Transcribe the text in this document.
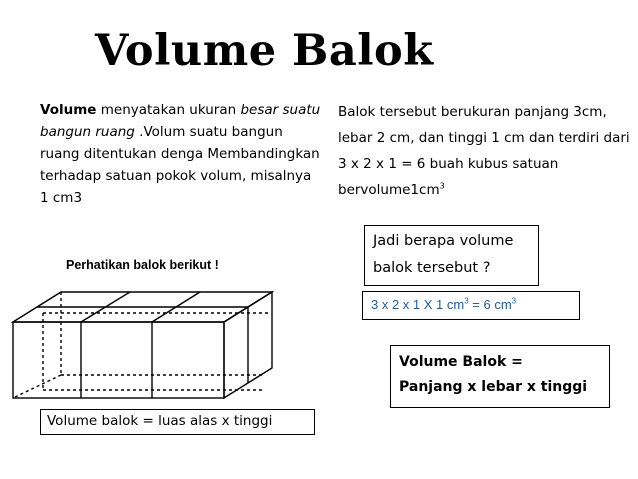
Volume Balok
Volume menyatakan ukuran besar suatu bangun ruang .Volum suatu bangun ruang ditentukan denga Membandingkan terhadap satuan pokok volum, misalnya 1 cm3
Balok tersebut berukuran panjang 3cm, lebar 2 cm, dan tinggi 1 cm dan terdiri dari 3 x 2 x 1 = 6 buah kubus satuan $bervolume1cm^3$
Jadi berapa volume
balok tersebut ?
3 x 2 x 1 X 1 $cm^3 = 6$ $cm^3$
Perhatikan balok berikut !
Volume Balok =
Panjang x lebar x tinggi
Volume balok = luas alas x tinggi
